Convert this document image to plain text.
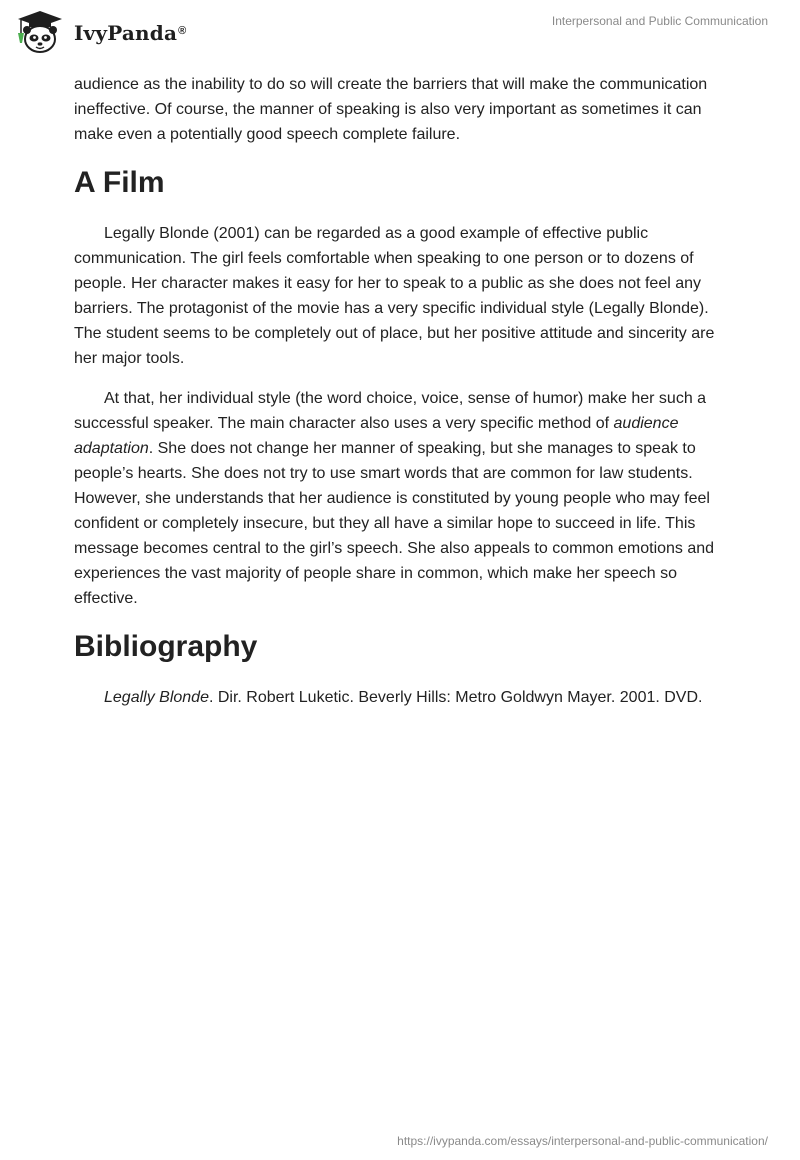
IvyPanda®
Interpersonal and Public Communication

audience as the inability to do so will create the barriers that will make the communication ineffective. Of course, the manner of speaking is also very important as sometimes it can make even a potentially good speech complete failure.

A Film

Legally Blonde (2001) can be regarded as a good example of effective public communication. The girl feels comfortable when speaking to one person or to dozens of people. Her character makes it easy for her to speak to a public as she does not feel any barriers. The protagonist of the movie has a very specific individual style (Legally Blonde). The student seems to be completely out of place, but her positive attitude and sincerity are her major tools.

At that, her individual style (the word choice, voice, sense of humor) make her such a successful speaker. The main character also uses a very specific method of audience adaptation. She does not change her manner of speaking, but she manages to speak to people’s hearts. She does not try to use smart words that are common for law students. However, she understands that her audience is constituted by young people who may feel confident or completely insecure, but they all have a similar hope to succeed in life. This message becomes central to the girl’s speech. She also appeals to common emotions and experiences the vast majority of people share in common, which make her speech so effective.

Bibliography

Legally Blonde. Dir. Robert Luketic. Beverly Hills: Metro Goldwyn Mayer. 2001. DVD.

https://ivypanda.com/essays/interpersonal-and-public-communication/
